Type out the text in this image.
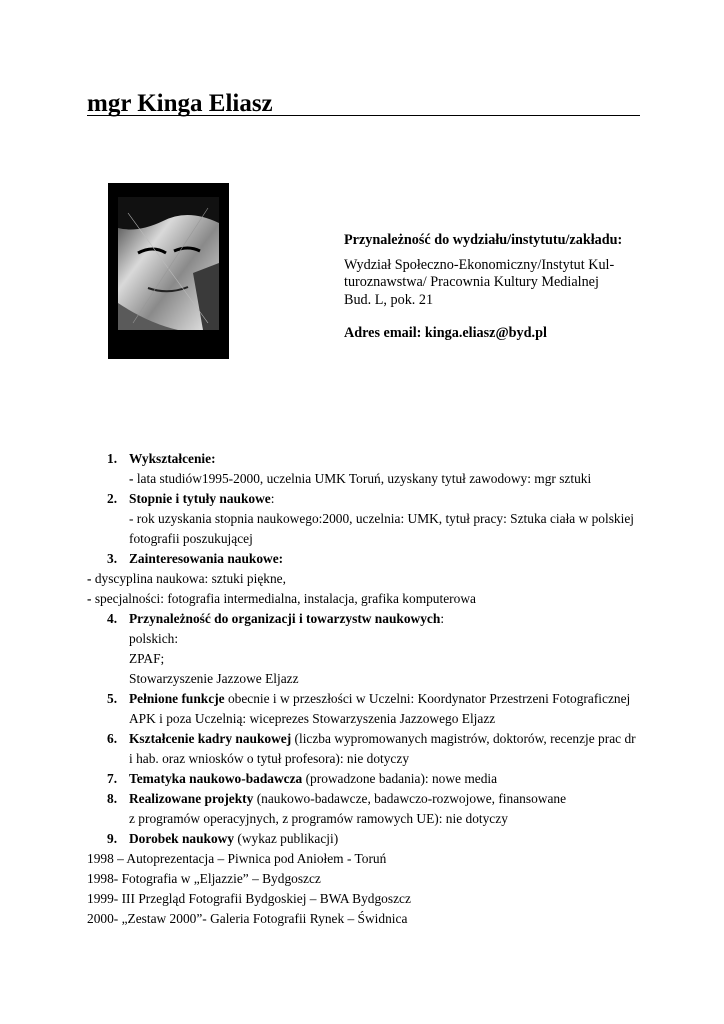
mgr Kinga Eliasz
Przynależność do wydziału/instytutu/zakładu:
Wydział Społeczno-Ekonomiczny/Instytut Kul-
turoznawstwa/ Pracownia Kultury Medialnej
Bud. L, pok. 21
Adres email: kinga.eliasz@byd.pl
1. Wykształcenie:
- lata studiów1995-2000, uczelnia UMK Toruń, uzyskany tytuł zawodowy: mgr sztuki
2. Stopnie i tytuły naukowe:
- rok uzyskania stopnia naukowego:2000, uczelnia: UMK, tytuł pracy: Sztuka ciała w polskiej
fotografii poszukującej
3. Zainteresowania naukowe:
- dyscyplina naukowa: sztuki piękne,
- specjalności: fotografia intermedialna, instalacja, grafika komputerowa
4. Przynależność do organizacji i towarzystw naukowych:
polskich:
ZPAF;
Stowarzyszenie Jazzowe Eljazz
5. Pełnione funkcje obecnie i w przeszłości w Uczelni: Koordynator Przestrzeni Fotograficznej
APK i poza Uczelnią: wiceprezes Stowarzyszenia Jazzowego Eljazz
6. Kształcenie kadry naukowej (liczba wypromowanych magistrów, doktorów, recenzje prac dr
i hab. oraz wniosków o tytuł profesora): nie dotyczy
7. Tematyka naukowo-badawcza (prowadzone badania): nowe media
8. Realizowane projekty (naukowo-badawcze, badawczo-rozwojowe, finansowane
z programów operacyjnych, z programów ramowych UE): nie dotyczy
9. Dorobek naukowy (wykaz publikacji)
1998 – Autoprezentacja – Piwnica pod Aniołem - Toruń
1998- Fotografia w „Eljazzie” – Bydgoszcz
1999- III Przegląd Fotografii Bydgoskiej – BWA Bydgoszcz
2000- „Zestaw 2000”- Galeria Fotografii Rynek – Świdnica
